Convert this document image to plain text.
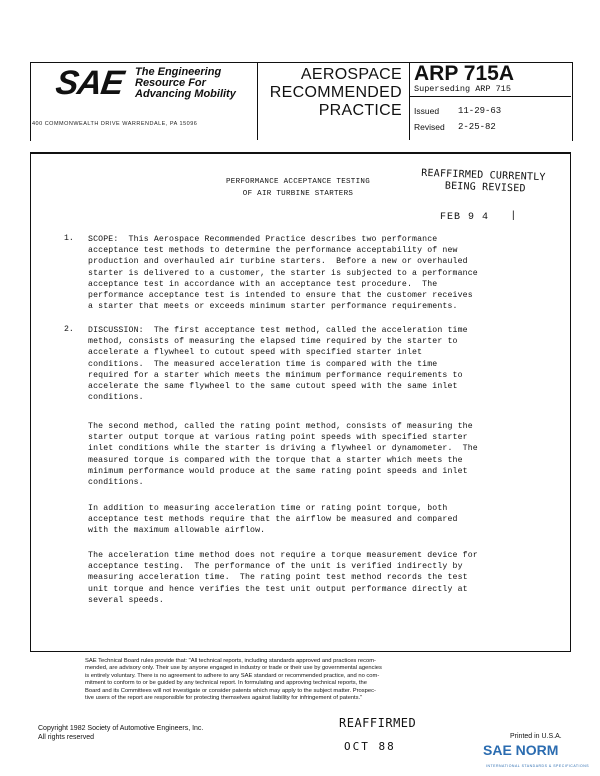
SAE The Engineering
Resource For
Advancing Mobility
400 COMMONWEALTH DRIVE WARRENDALE, PA 15096
AEROSPACE
RECOMMENDED
PRACTICE
ARP 715A
Superseding ARP 715
Issued
Revised
11-29-63
2-25-82
PERFORMANCE ACCEPTANCE TESTING
OF AIR TURBINE STARTERS
REAFFIRMED CURRENTLY
BEING REVISED
FEB 9 4 |
1. SCOPE:  This Aerospace Recommended Practice describes two performance
acceptance test methods to determine the performance acceptability of new
production and overhauled air turbine starters.  Before a new or overhauled
starter is delivered to a customer, the starter is subjected to a performance
acceptance test in accordance with an acceptance test procedure.  The
performance acceptance test is intended to ensure that the customer receives
a starter that meets or exceeds minimum starter performance requirements.
2. DISCUSSION:  The first acceptance test method, called the acceleration time
method, consists of measuring the elapsed time required by the starter to
accelerate a flywheel to cutout speed with specified starter inlet
conditions.  The measured acceleration time is compared with the time
required for a starter which meets the minimum performance requirements to
accelerate the same flywheel to the same cutout speed with the same inlet
conditions.
The second method, called the rating point method, consists of measuring the
starter output torque at various rating point speeds with specified starter
inlet conditions while the starter is driving a flywheel or dynamometer.  The
measured torque is compared with the torque that a starter which meets the
minimum performance would produce at the same rating point speeds and inlet
conditions.
In addition to measuring acceleration time or rating point torque, both
acceptance test methods require that the airflow be measured and compared
with the maximum allowable airflow.
The acceleration time method does not require a torque measurement device for
acceptance testing.  The performance of the unit is verified indirectly by
measuring acceleration time.  The rating point test method records the test
unit torque and hence verifies the test unit output performance directly at
several speeds.
SAE Technical Board rules provide that: "All technical reports, including standards approved and practices recom-
mended, are advisory only. Their use by anyone engaged in industry or trade or their use by governmental agencies
is entirely voluntary. There is no agreement to adhere to any SAE standard or recommended practice, and no com-
mitment to conform to or be guided by any technical report. In formulating and approving technical reports, the
Board and its Committees will not investigate or consider patents which may apply to the subject matter. Prospec-
tive users of the report are responsible for protecting themselves against liability for infringement of patents."
Copyright 1982 Society of Automotive Engineers, Inc.
All rights reserved
REAFFIRMED
OCT 88
Printed in U.S.A.
SAE NORM
INTERNATIONAL STANDARDS & SPECIFICATIONS
